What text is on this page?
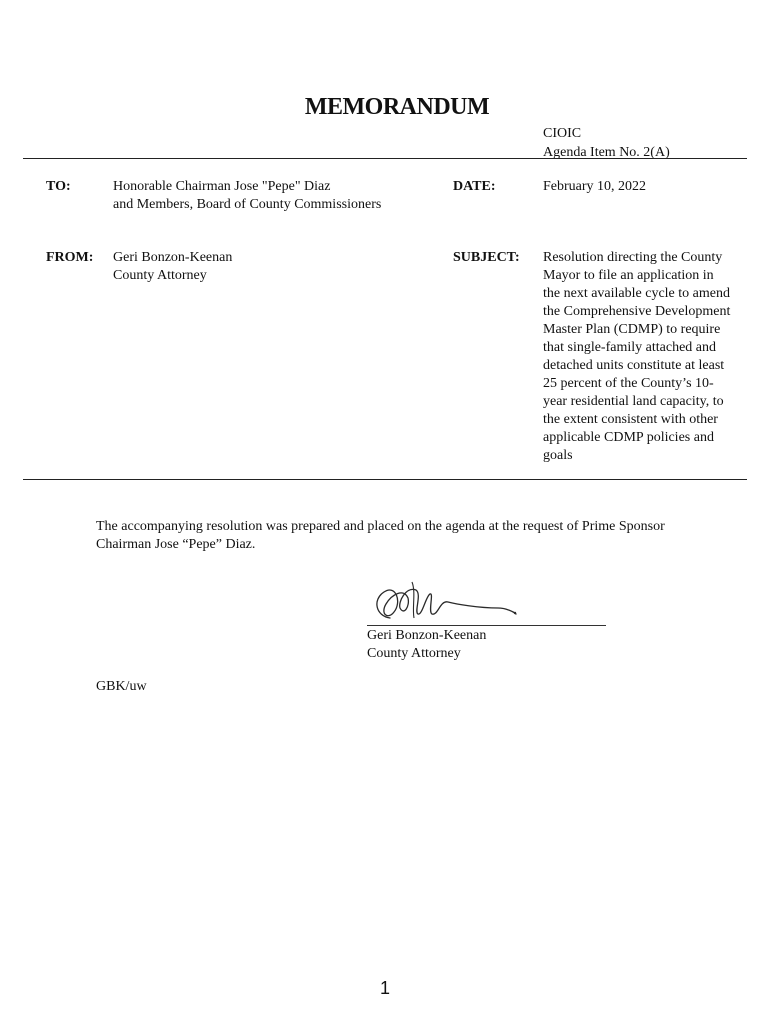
MEMORANDUM
CIOIC
Agenda Item No. 2(A)
TO:	Honorable Chairman Jose "Pepe" Diaz
and Members, Board of County Commissioners
DATE:	February 10, 2022
FROM: Geri Bonzon-Keenan
County Attorney
SUBJECT: Resolution directing the County
Mayor to file an application in
the next available cycle to amend
the Comprehensive Development
Master Plan (CDMP) to require
that single-family attached and
detached units constitute at least
25 percent of the County’s 10-
year residential land capacity, to
the extent consistent with other
applicable CDMP policies and
goals
The accompanying resolution was prepared and placed on the agenda at the request of Prime Sponsor
Chairman Jose “Pepe” Diaz.
Geri Bonzon-Keenan
County Attorney
GBK/uw
1
